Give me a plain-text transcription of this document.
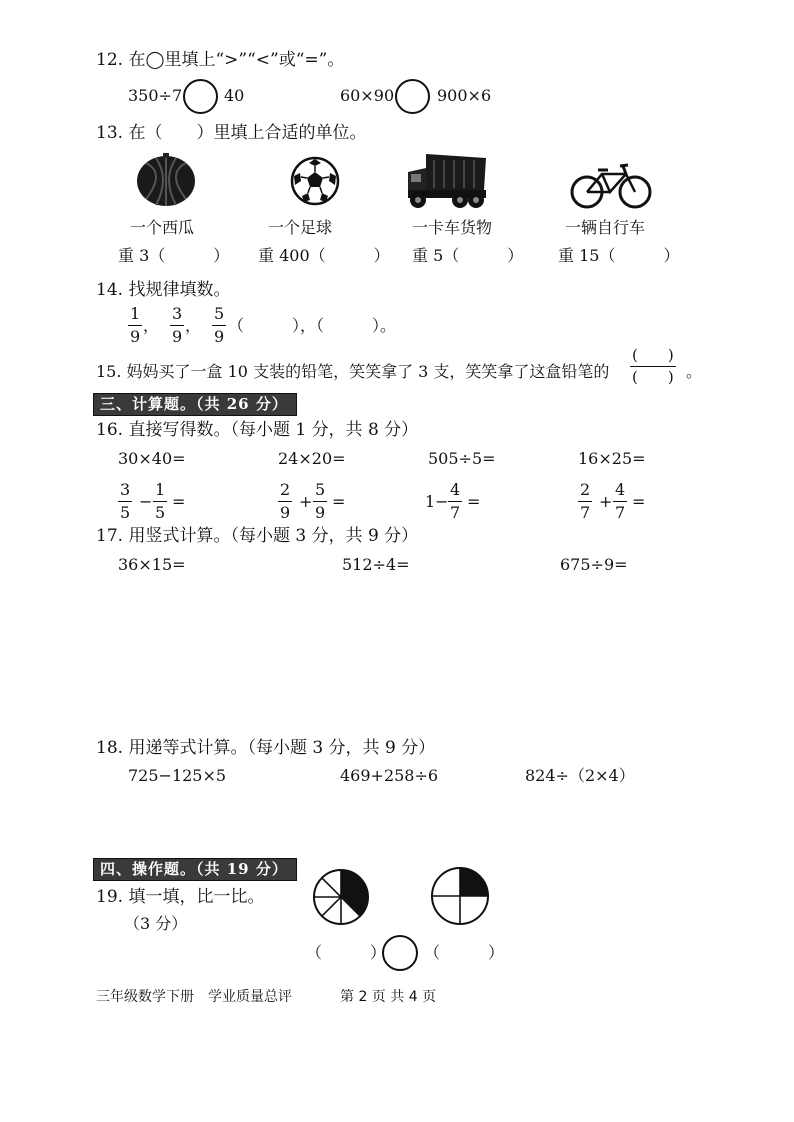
12. 在◯里填上“>”“<”或“=”。
350÷7	40	60×90	900×6
13. 在（　　）里填上合适的单位。
一个西瓜	一个足球	一卡车货物	一辆自行车
重 3（　　　） 重 400（　　　） 重 5（　　　） 重 15（　　　）
14. 找规律填数。
$\frac{1}{9}$ ， $\frac{3}{9}$ ， $\frac{5}{9}$ （　　　），（　　　）。
15. 妈妈买了一盒 10 支装的铅笔，笑笑拿了 3 支，笑笑拿了这盒铅笔的
(　　)
(　　) 。
三、计算题。（共 26 分）
16. 直接写得数。（每小题 1 分，共 8 分）
30×40=	24×20=	505÷5=	16×25=
$\frac{3}{5} - \frac{1}{5}$ =	$\frac{2}{9} + \frac{5}{9}$ =	$1- \frac{4}{7}$ =	$\frac{2}{7} + \frac{4}{7}$ =
17. 用竖式计算。（每小题 3 分，共 9 分）
36×15=	512÷4=	675÷9=
18. 用递等式计算。（每小题 3 分，共 9 分）
725−125×5	469+258÷6	824÷（2×4）
四、操作题。（共 19 分）
19. 填一填，比一比。
（3 分）
（　　　） （　　　）
三年级数学下册　学业质量总评	第 2 页 共 4 页
